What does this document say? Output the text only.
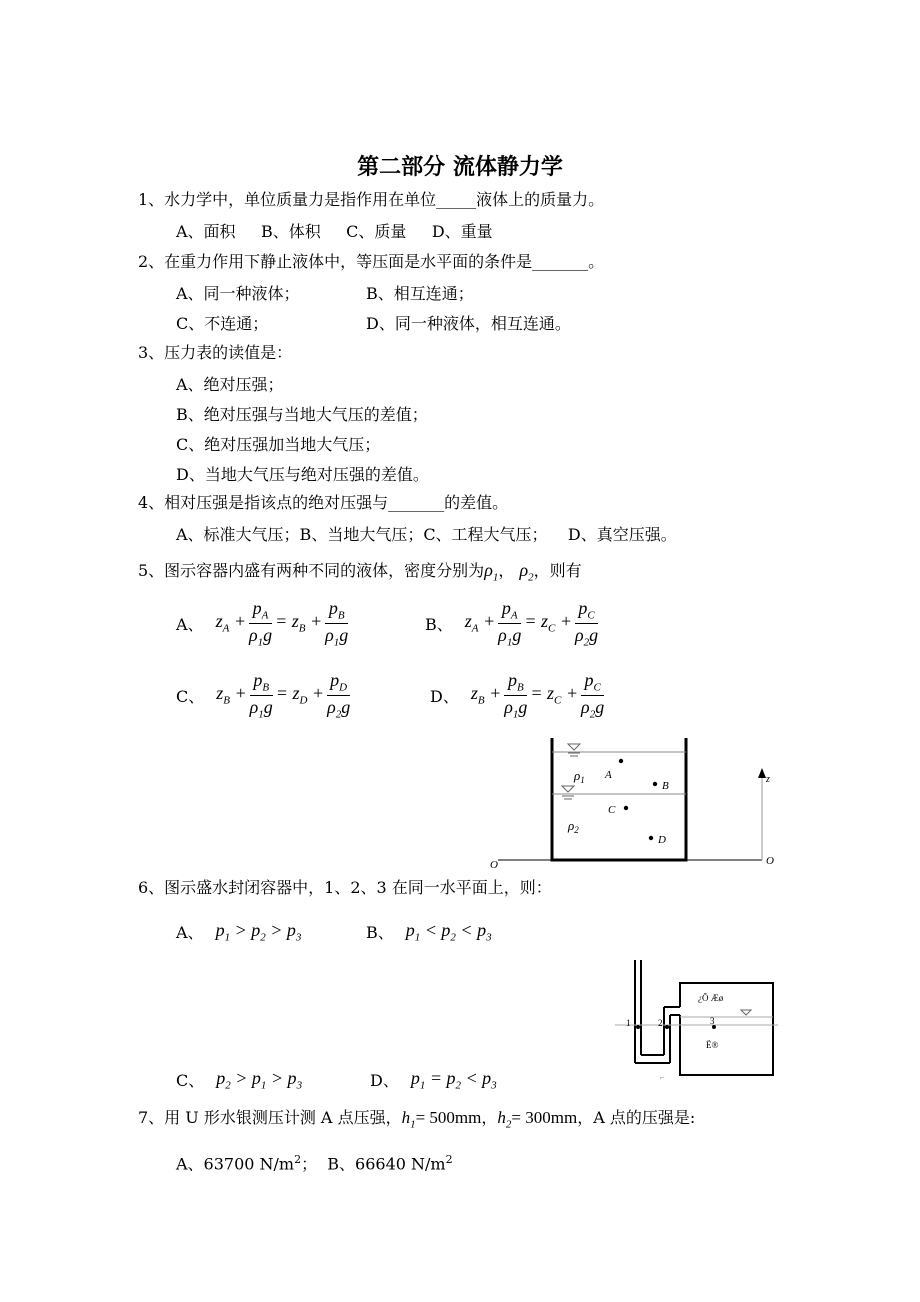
第二部分 流体静力学
1、水力学中，单位质量力是指作用在单位_____液体上的质量力。
A、面积     B、体积     C、质量     D、重量
2、在重力作用下静止液体中，等压面是水平面的条件是_______。
A、同一种液体；	B、相互连通；
C、不连通；	D、同一种液体，相互连通。
3、压力表的读值是：
A、绝对压强；
B、绝对压强与当地大气压的差值；
C、绝对压强加当地大气压；
D、当地大气压与绝对压强的差值。
4、相对压强是指该点的绝对压强与_______的差值。
A、标准大气压；B、当地大气压；C、工程大气压；    D、真空压强。
5、图示容器内盛有两种不同的液体，密度分别为$\rho_1$， $\rho_2$，则有
A、 $z_A + \frac{p_A}{\rho_1g} = z_B + \frac{p_B}{\rho_1g}$	B、 $z_A + \frac{p_A}{\rho_1g} = z_C + \frac{p_C}{\rho_2g}$
C、 $z_B + \frac{p_B}{\rho_1g} = z_D + \frac{p_D}{\rho_2g}$	D、 $z_B + \frac{p_B}{\rho_1g} = z_C + \frac{p_C}{\rho_2g}$
$\rho_1$
$\rho_2$
A
B
C
D
O	O
z
6、图示盛水封闭容器中，1、2、3 在同一水平面上，则：
A、 $p_1 > p_2 > p_3$	B、 $p_1 < p_2 < p_3$
C、 $p_2 > p_1 > p_3$	D、 $p_1 = p_2 < p_3$
1	2	3
¿Õ Æø
Ë®
⌐
7、用 U 形水银测压计测 A 点压强， $h_1 = 500mm$ ， $h_2 = 300mm$ ，A 点的压强是:
A、63700 $N/m^2$；  B、66640 $N/m^2$
